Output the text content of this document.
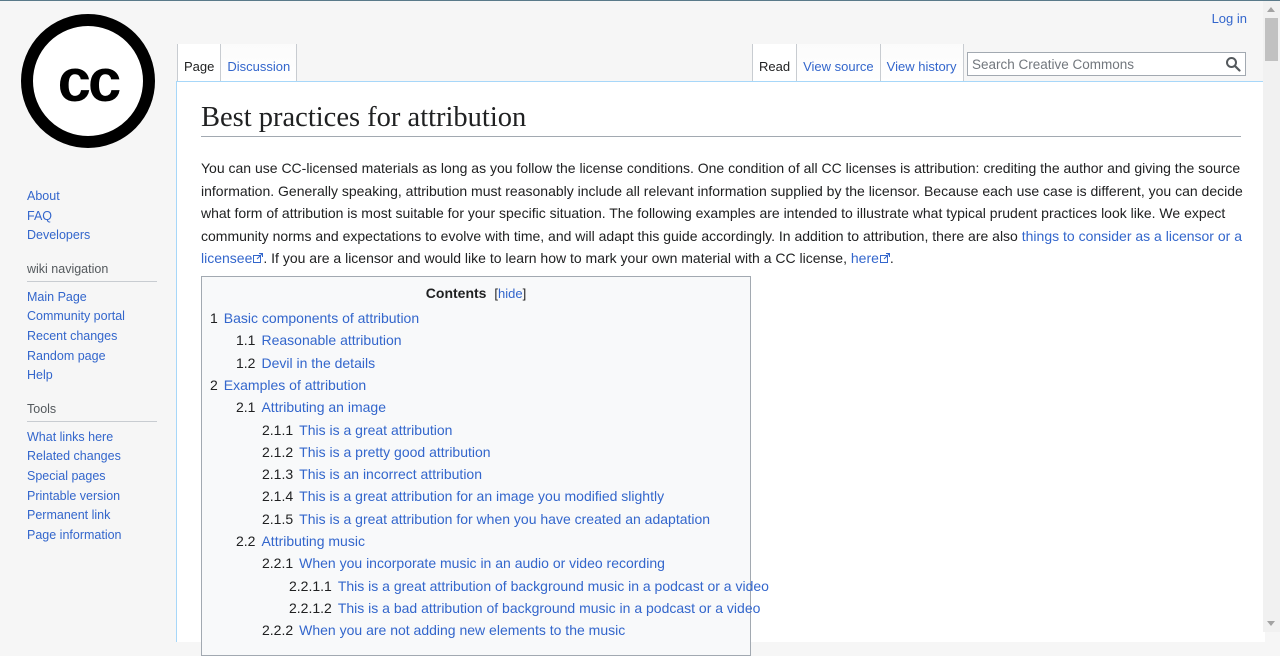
cc
Log in
Page	Discussion	Read	View source	View history
Search Creative Commons
About
FAQ
Developers
wiki navigation
Main Page
Community portal
Recent changes
Random page
Help
Tools
What links here
Related changes
Special pages
Printable version
Permanent link
Page information
Best practices for attribution

You can use CC-licensed materials as long as you follow the license conditions. One condition of all CC licenses is attribution: crediting the author and giving the source information. Generally speaking, attribution must reasonably include all relevant information supplied by the licensor. Because each use case is different, you can decide what form of attribution is most suitable for your specific situation. The following examples are intended to illustrate what typical prudent practices look like. We expect community norms and expectations to evolve with time, and will adapt this guide accordingly. In addition to attribution, there are also things to consider as a licensor or a licensee . If you are a licensor and would like to learn how to mark your own material with a CC license, here .

Contents [hide]
1 Basic components of attribution
1.1 Reasonable attribution
1.2 Devil in the details
2 Examples of attribution
2.1 Attributing an image
2.1.1 This is a great attribution
2.1.2 This is a pretty good attribution
2.1.3 This is an incorrect attribution
2.1.4 This is a great attribution for an image you modified slightly
2.1.5 This is a great attribution for when you have created an adaptation
2.2 Attributing music
2.2.1 When you incorporate music in an audio or video recording
2.2.1.1 This is a great attribution of background music in a podcast or a video
2.2.1.2 This is a bad attribution of background music in a podcast or a video
2.2.2 When you are not adding new elements to the music
